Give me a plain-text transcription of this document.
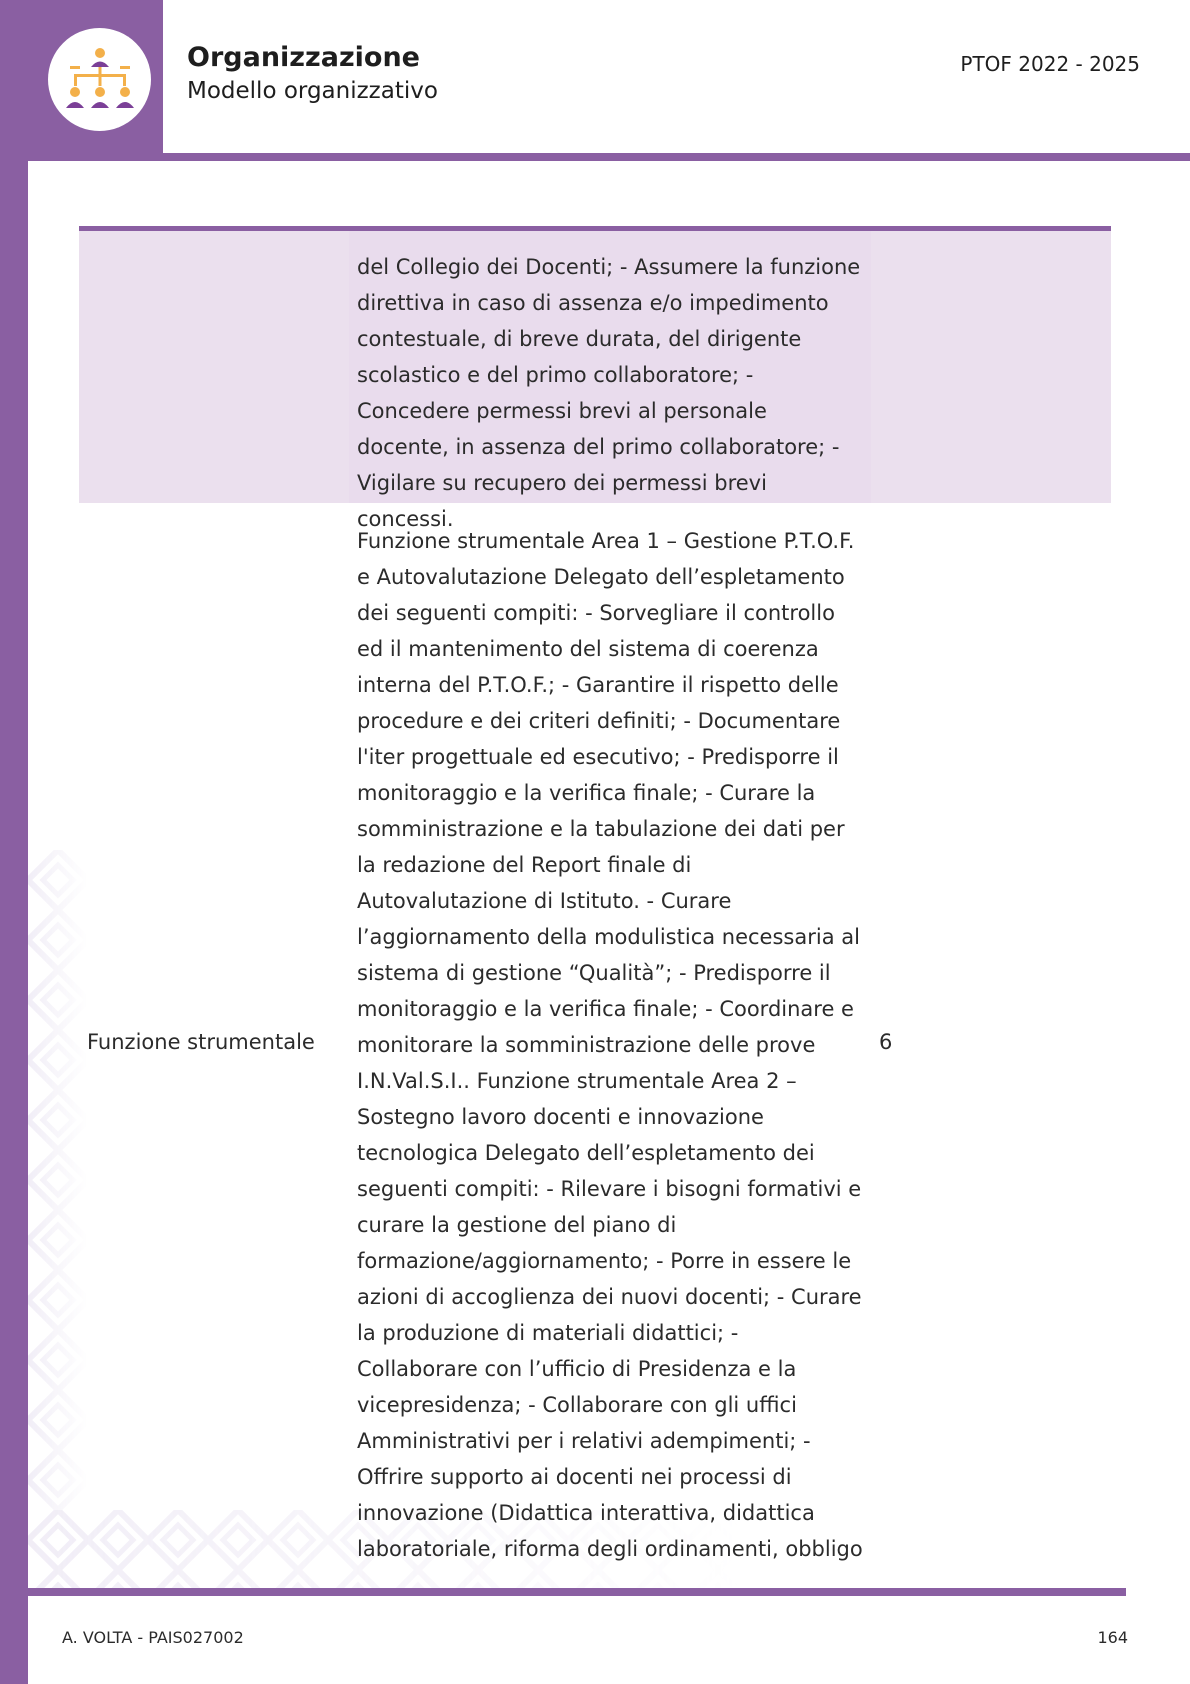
Organizzazione
Modello organizzativo
PTOF 2022 - 2025
del Collegio dei Docenti; - Assumere la funzione direttiva in caso di assenza e/o impedimento contestuale, di breve durata, del dirigente scolastico e del primo collaboratore; - Concedere permessi brevi al personale docente, in assenza del primo collaboratore; - Vigilare su recupero dei permessi brevi concessi.
Funzione strumentale
Funzione strumentale Area 1 – Gestione P.T.O.F. e Autovalutazione Delegato dell’espletamento dei seguenti compiti: - Sorvegliare il controllo ed il mantenimento del sistema di coerenza interna del P.T.O.F.; - Garantire il rispetto delle procedure e dei criteri definiti; - Documentare l'iter progettuale ed esecutivo; - Predisporre il monitoraggio e la verifica finale; - Curare la somministrazione e la tabulazione dei dati per la redazione del Report finale di Autovalutazione di Istituto. - Curare l’aggiornamento della modulistica necessaria al sistema di gestione “Qualità”; - Predisporre il monitoraggio e la verifica finale; - Coordinare e monitorare la somministrazione delle prove I.N.Val.S.I.. Funzione strumentale Area 2 – Sostegno lavoro docenti e innovazione tecnologica Delegato dell’espletamento dei seguenti compiti: - Rilevare i bisogni formativi e curare la gestione del piano di formazione/aggiornamento; - Porre in essere le azioni di accoglienza dei nuovi docenti; - Curare la produzione di materiali didattici; - Collaborare con l’ufficio di Presidenza e la vicepresidenza; - Collaborare con gli uffici Amministrativi per i relativi adempimenti; - Offrire supporto ai docenti nei processi di innovazione (Didattica interattiva, didattica laboratoriale, riforma degli ordinamenti, obbligo
6
A. VOLTA - PAIS027002	164
